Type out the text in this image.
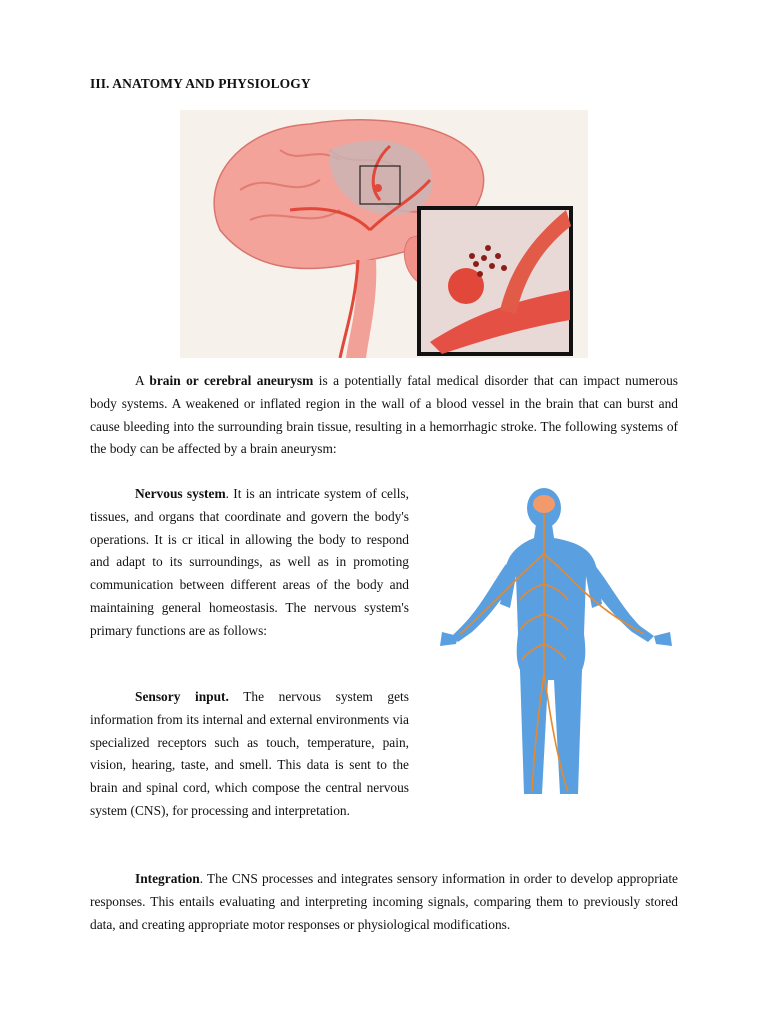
III. ANATOMY AND PHYSIOLOGY

A brain or cerebral aneurysm is a potentially fatal medical disorder that can impact numerous body systems. A weakened or inflated region in the wall of a blood vessel in the brain that can burst and cause bleeding into the surrounding brain tissue, resulting in a hemorrhagic stroke. The following systems of the body can be affected by a brain aneurysm:

Nervous system. It is an intricate system of cells, tissues, and organs that coordinate and govern the body's operations. It is cr itical in allowing the body to respond and adapt to its surroundings, as well as in promoting communication between different areas of the body and maintaining general homeostasis. The nervous system's primary functions are as follows:

Sensory input. The nervous system gets information from its internal and external environments via specialized receptors such as touch, temperature, pain, vision, hearing, taste, and smell. This data is sent to the brain and spinal cord, which compose the central nervous system (CNS), for processing and interpretation.

Integration. The CNS processes and integrates sensory information in order to develop appropriate responses. This entails evaluating and interpreting incoming signals, comparing them to previously stored data, and creating appropriate motor responses or physiological modifications.
